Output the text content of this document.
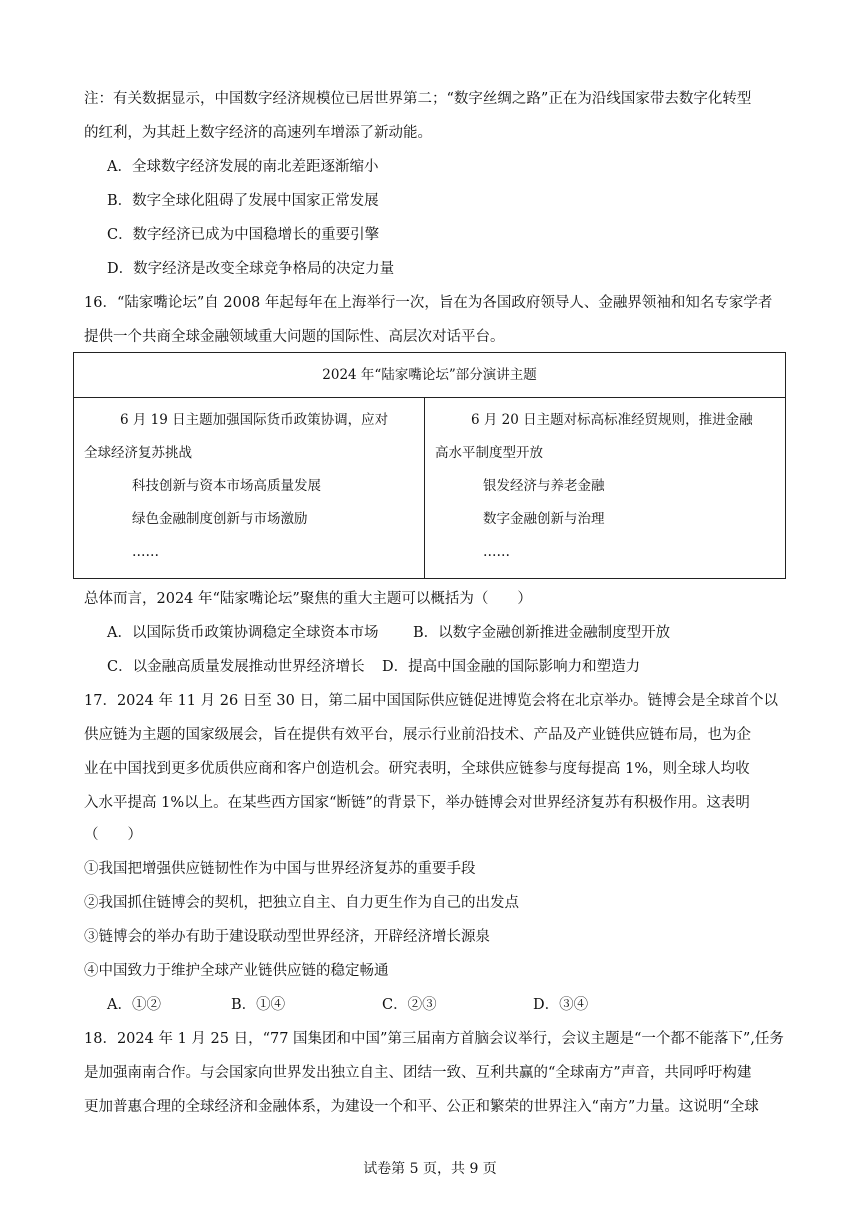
注：有关数据显示，中国数字经济规模位已居世界第二；“数字丝绸之路”正在为沿线国家带去数字化转型
的红利，为其赶上数字经济的高速列车增添了新动能。
A．全球数字经济发展的南北差距逐渐缩小
B．数字全球化阻碍了发展中国家正常发展
C．数字经济已成为中国稳增长的重要引擎
D．数字经济是改变全球竞争格局的决定力量
16．“陆家嘴论坛”自 2008 年起每年在上海举行一次，旨在为各国政府领导人、金融界领袖和知名专家学者
提供一个共商全球金融领域重大问题的国际性、高层次对话平台。
2024 年“陆家嘴论坛”部分演讲主题

6 月 19 日主题加强国际货币政策协调，应对
全球经济复苏挑战
科技创新与资本市场高质量发展
绿色金融制度创新与市场激励
……

6 月 20 日主题对标高标准经贸规则，推进金融
高水平制度型开放
银发经济与养老金融
数字金融创新与治理
……
总体而言，2024 年“陆家嘴论坛”聚焦的重大主题可以概括为（　　）
A．以国际货币政策协调稳定全球资本市场 B．以数字金融创新推进金融制度型开放
C．以金融高质量发展推动世界经济增长 D．提高中国金融的国际影响力和塑造力
17．2024 年 11 月 26 日至 30 日，第二届中国国际供应链促进博览会将在北京举办。链博会是全球首个以
供应链为主题的国家级展会，旨在提供有效平台，展示行业前沿技术、产品及产业链供应链布局，也为企
业在中国找到更多优质供应商和客户创造机会。研究表明，全球供应链参与度每提高 1%，则全球人均收
入水平提高 1%以上。在某些西方国家“断链”的背景下，举办链博会对世界经济复苏有积极作用。这表明
（　　）
①我国把增强供应链韧性作为中国与世界经济复苏的重要手段
②我国抓住链博会的契机，把独立自主、自力更生作为自己的出发点
③链博会的举办有助于建设联动型世界经济，开辟经济增长源泉
④中国致力于维护全球产业链供应链的稳定畅通
A．①②	B．①④	C．②③	D．③④
18．2024 年 1 月 25 日，“77 国集团和中国”第三届南方首脑会议举行，会议主题是“一个都不能落下”,任务
是加强南南合作。与会国家向世界发出独立自主、团结一致、互利共赢的“全球南方”声音，共同呼吁构建
更加普惠合理的全球经济和金融体系，为建设一个和平、公正和繁荣的世界注入“南方”力量。这说明“全球
试卷第 5 页，共 9 页
